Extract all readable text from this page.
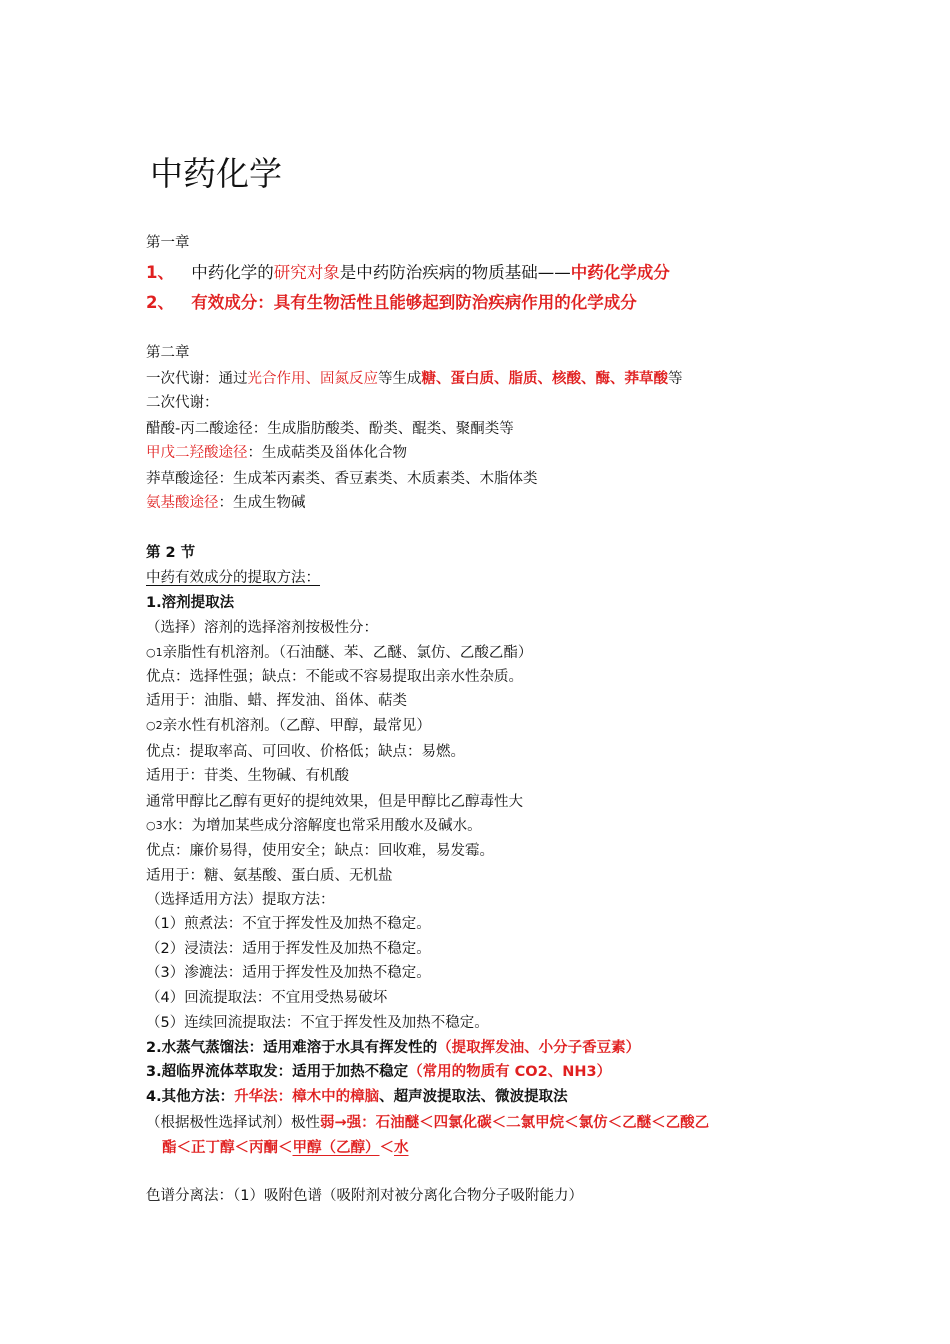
中药化学
第一章
1、 中药化学的研究对象是中药防治疾病的物质基础——中药化学成分
2、 有效成分：具有生物活性且能够起到防治疾病作用的化学成分
第二章
一次代谢：通过光合作用、固氮反应等生成糖、蛋白质、脂质、核酸、酶、莽草酸等
二次代谢：
醋酸-丙二酸途径：生成脂肪酸类、酚类、醌类、聚酮类等
甲戊二羟酸途径：生成萜类及甾体化合物
莽草酸途径：生成苯丙素类、香豆素类、木质素类、木脂体类
氨基酸途径：生成生物碱
第 2 节
中药有效成分的提取方法：
1.溶剂提取法
（选择）溶剂的选择溶剂按极性分：
○1亲脂性有机溶剂。（石油醚、苯、乙醚、氯仿、乙酸乙酯）
优点：选择性强；缺点：不能或不容易提取出亲水性杂质。
适用于：油脂、蜡、挥发油、甾体、萜类
○2亲水性有机溶剂。（乙醇、甲醇，最常见）
优点：提取率高、可回收、价格低；缺点：易燃。
适用于：苷类、生物碱、有机酸
通常甲醇比乙醇有更好的提纯效果，但是甲醇比乙醇毒性大
○3水：为增加某些成分溶解度也常采用酸水及碱水。
优点：廉价易得，使用安全；缺点：回收难，易发霉。
适用于：糖、氨基酸、蛋白质、无机盐
（选择适用方法）提取方法：
（1）煎煮法：不宜于挥发性及加热不稳定。
（2）浸渍法：适用于挥发性及加热不稳定。
（3）渗漉法：适用于挥发性及加热不稳定。
（4）回流提取法：不宜用受热易破坏
（5）连续回流提取法：不宜于挥发性及加热不稳定。
2.水蒸气蒸馏法：适用难溶于水具有挥发性的（提取挥发油、小分子香豆素）
3.超临界流体萃取发：适用于加热不稳定（常用的物质有 CO2、NH3）
4.其他方法：升华法：樟木中的樟脑、超声波提取法、微波提取法
（根据极性选择试剂）极性弱→强：石油醚＜四氯化碳＜二氯甲烷＜氯仿＜乙醚＜乙酸乙
酯＜正丁醇＜丙酮＜甲醇（乙醇）＜水
色谱分离法：（1）吸附色谱（吸附剂对被分离化合物分子吸附能力）
